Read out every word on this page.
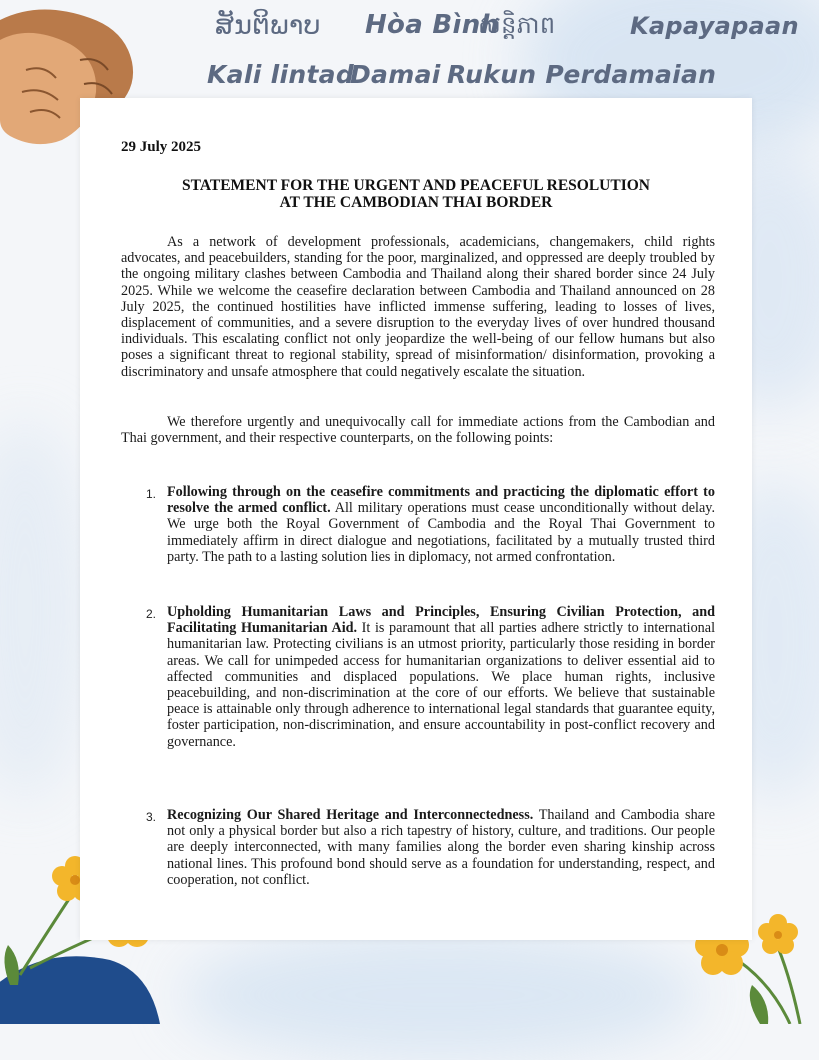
ສັນຕິພາບ Hòa Bình
សន្តិភាព	Kapayapaan
Kali lintad
Damai Rukun Perdamaian
29 July 2025
STATEMENT FOR THE URGENT AND PEACEFUL RESOLUTION
AT THE CAMBODIAN THAI BORDER

As a network of development professionals, academicians, changemakers, child rights advocates, and peacebuilders, standing for the poor, marginalized, and oppressed are deeply troubled by the ongoing military clashes between Cambodia and Thailand along their shared border since 24 July 2025. While we welcome the ceasefire declaration between Cambodia and Thailand announced on 28 July 2025, the continued hostilities have inflicted immense suffering, leading to losses of lives, displacement of communities, and a severe disruption to the everyday lives of over hundred thousand individuals. This escalating conflict not only jeopardize the well-being of our fellow humans but also poses a significant threat to regional stability, spread of misinformation/ disinformation, provoking a discriminatory and unsafe atmosphere that could negatively escalate the situation.

We therefore urgently and unequivocally call for immediate actions from the Cambodian and Thai government, and their respective counterparts, on the following points:

1. Following through on the ceasefire commitments and practicing the diplomatic effort to resolve the armed conflict. All military operations must cease unconditionally without delay. We urge both the Royal Government of Cambodia and the Royal Thai Government to immediately affirm in direct dialogue and negotiations, facilitated by a mutually trusted third party. The path to a lasting solution lies in diplomacy, not armed confrontation.

2. Upholding Humanitarian Laws and Principles, Ensuring Civilian Protection, and Facilitating Humanitarian Aid. It is paramount that all parties adhere strictly to international humanitarian law. Protecting civilians is an utmost priority, particularly those residing in border areas. We call for unimpeded access for humanitarian organizations to deliver essential aid to affected communities and displaced populations. We place human rights, inclusive peacebuilding, and non-discrimination at the core of our efforts. We believe that sustainable peace is attainable only through adherence to international legal standards that guarantee equity, foster participation, non-discrimination, and ensure accountability in post-conflict recovery and governance.

3. Recognizing Our Shared Heritage and Interconnectedness. Thailand and Cambodia share not only a physical border but also a rich tapestry of history, culture, and traditions. Our people are deeply interconnected, with many families along the border even sharing kinship across national lines. This profound bond should serve as a foundation for understanding, respect, and cooperation, not conflict.
